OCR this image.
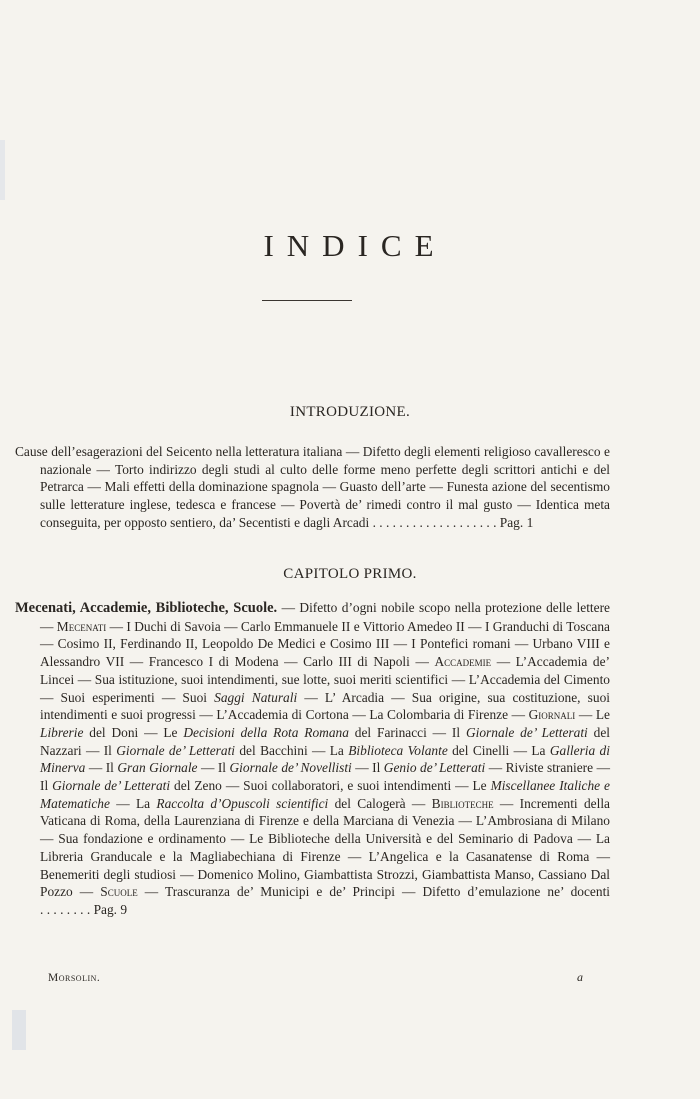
INDICE
INTRODUZIONE.
Cause dell’esagerazioni del Seicento nella letteratura italiana — Difetto degli elementi religioso cavalleresco e nazionale — Torto indirizzo degli studi al culto delle forme meno perfette degli scrittori antichi e del Petrarca — Mali effetti della dominazione spagnola — Guasto dell’arte — Funesta azione del secentismo sulle letterature inglese, tedesca e francese — Povertà de’ rimedi contro il mal gusto — Identica meta conseguita, per opposto sentiero, da’ Secentisti e dagli Arcadi . . . . . . . . . . . . . . . . . . . Pag. 1
CAPITOLO PRIMO.
Mecenati, Accademie, Biblioteche, Scuole. — Difetto d’ogni nobile scopo nella protezione delle lettere — Mecenati — I Duchi di Savoia — Carlo Emmanuele II e Vittorio Amedeo II — I Granduchi di Toscana — Cosimo II, Ferdinando II, Leopoldo De Medici e Cosimo III — I Pontefici romani — Urbano VIII e Alessandro VII — Francesco I di Modena — Carlo III di Napoli — Accademie — L’Accademia de’ Lincei — Sua istituzione, suoi intendimenti, sue lotte, suoi meriti scientifici — L’Accademia del Cimento — Suoi esperimenti — Suoi Saggi Naturali — L’ Arcadia — Sua origine, sua costituzione, suoi intendimenti e suoi progressi — L’Accademia di Cortona — La Colombaria di Firenze — Giornali — Le Librerie del Doni — Le Decisioni della Rota Romana del Farinacci — Il Giornale de’ Letterati del Nazzari — Il Giornale de’ Letterati del Bacchini — La Biblioteca Volante del Cinelli — La Galleria di Minerva — Il Gran Giornale — Il Giornale de’ Novellisti — Il Genio de’ Letterati — Riviste straniere — Il Giornale de’ Letterati del Zeno — Suoi collaboratori, e suoi intendimenti — Le Miscellanee Italiche e Matematiche — La Raccolta d’Opuscoli scientifici del Calogerà — Biblioteche — Incrementi della Vaticana di Roma, della Laurenziana di Firenze e della Marciana di Venezia — L’Ambrosiana di Milano — Sua fondazione e ordinamento — Le Biblioteche della Università e del Seminario di Padova — La Libreria Granducale e la Magliabechiana di Firenze — L’Angelica e la Casanatense di Roma — Benemeriti degli studiosi — Domenico Molino, Giambattista Strozzi, Giambattista Manso, Cassiano Dal Pozzo — Scuole — Trascuranza de’ Municipi e de’ Principi — Difetto d’emulazione ne’ docenti . . . . . . . . Pag. 9
Morsolin.	a
